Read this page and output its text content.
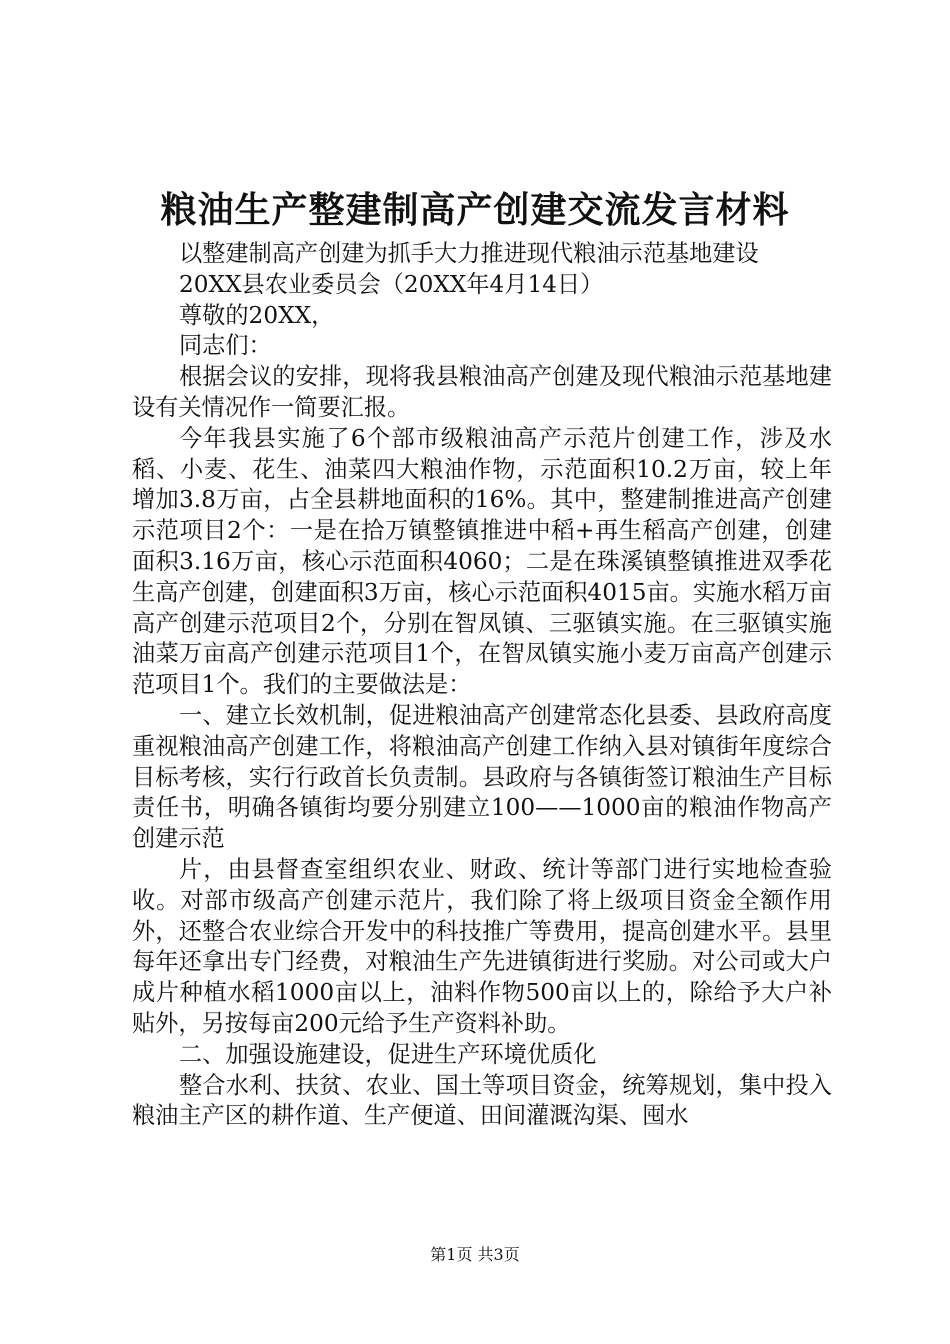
粮油生产整建制高产创建交流发言材料

以整建制高产创建为抓手大力推进现代粮油示范基地建设

20XX县农业委员会（20XX年4月14日）

尊敬的20XX，

同志们：

根据会议的安排，现将我县粮油高产创建及现代粮油示范基地建设有关情况作一简要汇报。

今年我县实施了6个部市级粮油高产示范片创建工作，涉及水稻、小麦、花生、油菜四大粮油作物，示范面积10.2万亩，较上年增加3.8万亩，占全县耕地面积的16%。其中，整建制推进高产创建示范项目2个：一是在拾万镇整镇推进中稻+再生稻高产创建，创建面积3.16万亩，核心示范面积4060；二是在珠溪镇整镇推进双季花生高产创建，创建面积3万亩，核心示范面积4015亩。实施水稻万亩高产创建示范项目2个，分别在智凤镇、三驱镇实施。在三驱镇实施油菜万亩高产创建示范项目1个，在智凤镇实施小麦万亩高产创建示范项目1个。我们的主要做法是：

一、建立长效机制，促进粮油高产创建常态化县委、县政府高度重视粮油高产创建工作，将粮油高产创建工作纳入县对镇街年度综合目标考核，实行行政首长负责制。县政府与各镇街签订粮油生产目标责任书，明确各镇街均要分别建立100——1000亩的粮油作物高产创建示范

片，由县督查室组织农业、财政、统计等部门进行实地检查验收。对部市级高产创建示范片，我们除了将上级项目资金全额作用外，还整合农业综合开发中的科技推广等费用，提高创建水平。县里每年还拿出专门经费，对粮油生产先进镇街进行奖励。对公司或大户成片种植水稻1000亩以上，油料作物500亩以上的，除给予大户补贴外，另按每亩200元给予生产资料补助。

二、加强设施建设，促进生产环境优质化

整合水利、扶贫、农业、国土等项目资金，统筹规划，集中投入粮油主产区的耕作道、生产便道、田间灌溉沟渠、囤水

第1页 共3页
